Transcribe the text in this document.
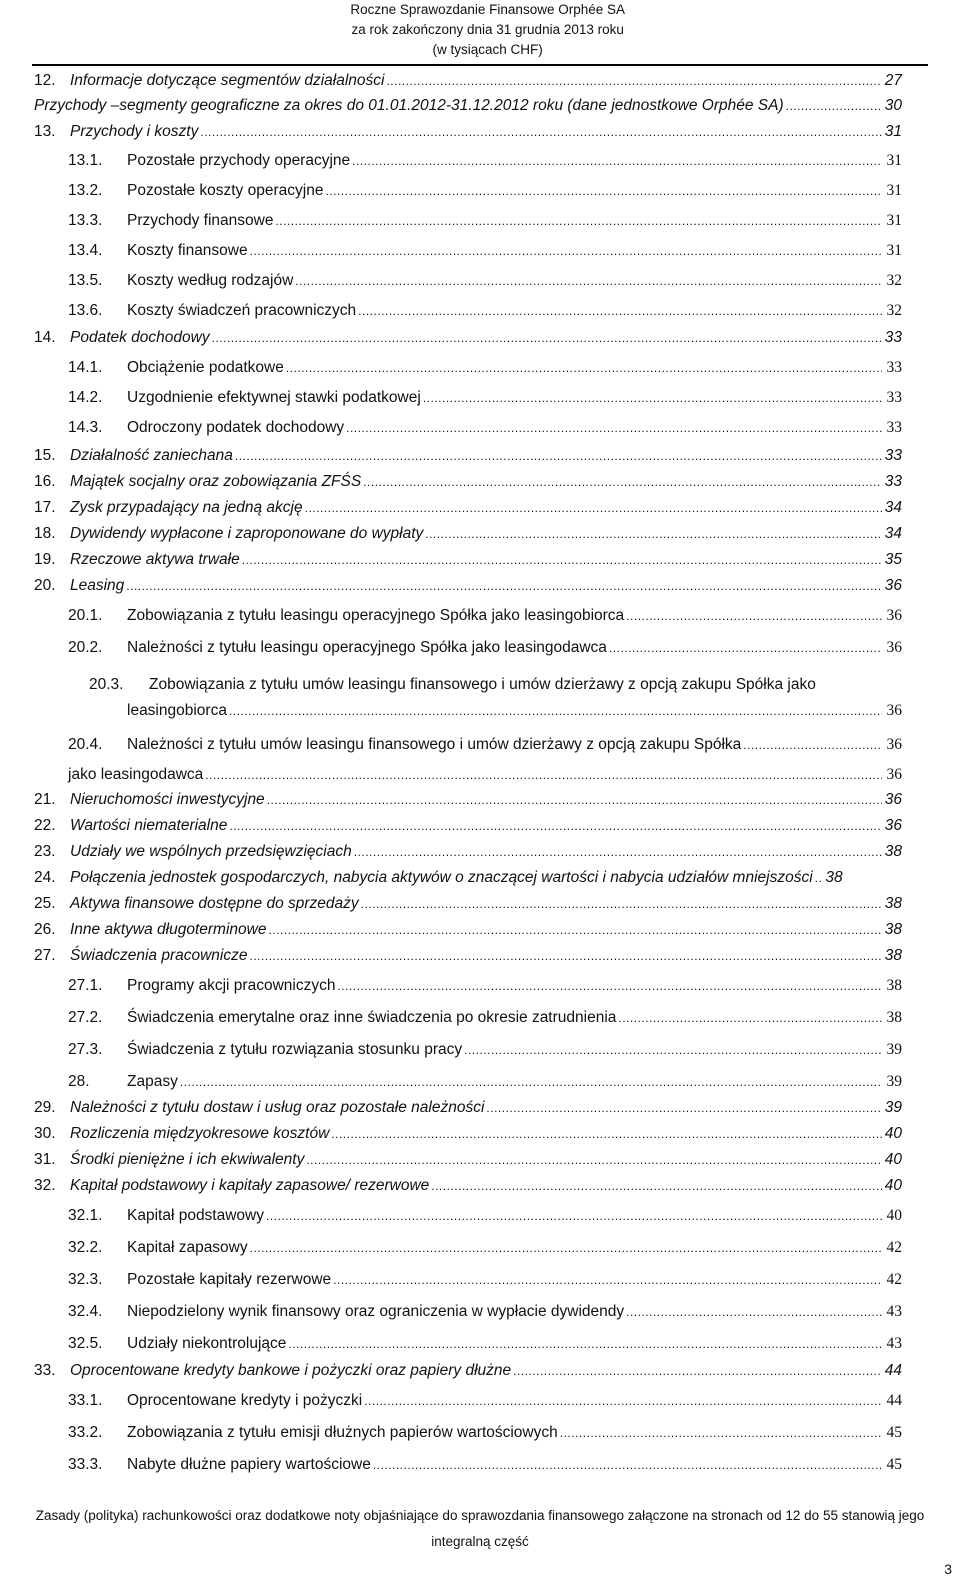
Roczne Sprawozdanie Finansowe Orphée SA
za rok zakończony dnia 31 grudnia 2013 roku
(w tysiącach CHF)
12. Informacje dotyczące segmentów działalności .....	27
Przychody –segmenty geograficzne za okres do 01.01.2012-31.12.2012 roku (dane jednostkowe Orphée SA) .....	30
13. Przychody i koszty .....	31
13.1.	Pozostałe przychody operacyjne .....	31
13.2.	Pozostałe koszty operacyjne .....	31
13.3.	Przychody finansowe .....	31
13.4.	Koszty finansowe .....	31
13.5.	Koszty według rodzajów .....	32
13.6.	Koszty świadczeń pracowniczych .....	32
14. Podatek dochodowy .....	33
14.1.	Obciążenie podatkowe .....	33
14.2.	Uzgodnienie efektywnej stawki podatkowej .....	33
14.3.	Odroczony podatek dochodowy .....	33
15. Działalność zaniechana .....	33
16. Majątek socjalny oraz zobowiązania ZFŚS .....	33
17. Zysk przypadający na jedną akcję .....	34
18. Dywidendy wypłacone i zaproponowane do wypłaty .....	34
19. Rzeczowe aktywa trwałe .....	35
20. Leasing .....	36
20.1.	Zobowiązania z tytułu leasingu operacyjnego Spółka jako leasingobiorca .....	36
20.2.	Należności z tytułu leasingu operacyjnego Spółka jako leasingodawca .....	36
20.3. Zobowiązania z tytułu umów leasingu finansowego i umów dzierżawy z opcją zakupu Spółka jako
leasingobiorca .....	36
20.4.	Należności z tytułu umów leasingu finansowego i umów dzierżawy z opcją zakupu Spółka .....	36
jako leasingodawca .....	36
21. Nieruchomości inwestycyjne .....	36
22. Wartości niematerialne .....	36
23. Udziały we wspólnych przedsięwzięciach .....	38
24. Połączenia jednostek gospodarczych, nabycia aktywów o znaczącej wartości i nabycia udziałów mniejszości ..... 38
25. Aktywa finansowe dostępne do sprzedaży .....	38
26. Inne aktywa długoterminowe .....	38
27. Świadczenia pracownicze .....	38
27.1.	Programy akcji pracowniczych .....	38
27.2.	Świadczenia emerytalne oraz inne świadczenia po okresie zatrudnienia .....	38
27.3.	Świadczenia z tytułu rozwiązania stosunku pracy .....	39
28.	Zapasy .....	39
29. Należności z tytułu dostaw i usług oraz pozostałe należności .....	39
30. Rozliczenia międzyokresowe kosztów .....	40
31. Środki pieniężne i ich ekwiwalenty .....	40
32. Kapitał podstawowy i kapitały zapasowe/ rezerwowe .....	40
32.1.	Kapitał podstawowy .....	40
32.2.	Kapitał zapasowy .....	42
32.3.	Pozostałe kapitały rezerwowe .....	42
32.4.	Niepodzielony wynik finansowy oraz ograniczenia w wypłacie dywidendy .....	43
32.5.	Udziały niekontrolujące .....	43
33. Oprocentowane kredyty bankowe i pożyczki oraz papiery dłużne .....	44
33.1.	Oprocentowane kredyty i pożyczki .....	44
33.2.	Zobowiązania z tytułu emisji dłużnych papierów wartościowych .....	45
33.3.	Nabyte dłużne papiery wartościowe .....	45
Zasady (polityka) rachunkowości oraz dodatkowe noty objaśniające do sprawozdania finansowego załączone na stronach od 12 do 55 stanowią jego
integralną część
3
